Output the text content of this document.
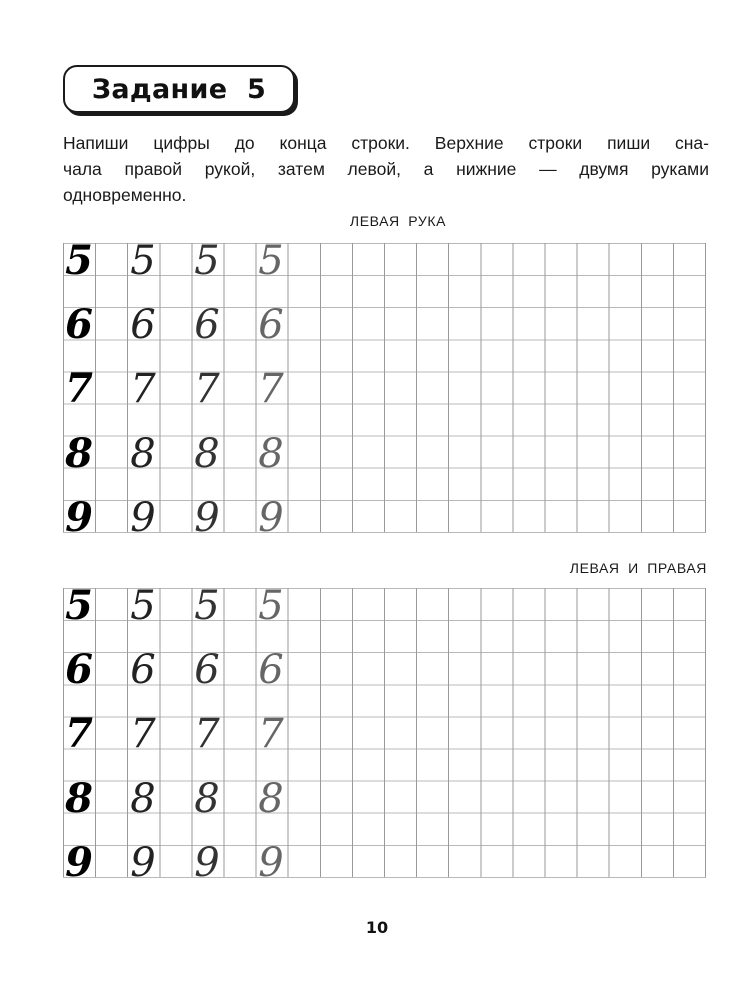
Задание 5
Напиши цифры до конца строки. Верхние строки пиши сна-
чала правой рукой, затем левой, а нижние — двумя руками
одновременно.
ЛЕВАЯ РУКА
5 5 5 5
6 6 6 6
7 7 7 7
8 8 8 8
9 9 9 9
ЛЕВАЯ И ПРАВАЯ
5 5 5 5
6 6 6 6
7 7 7 7
8 8 8 8
9 9 9 9
10
